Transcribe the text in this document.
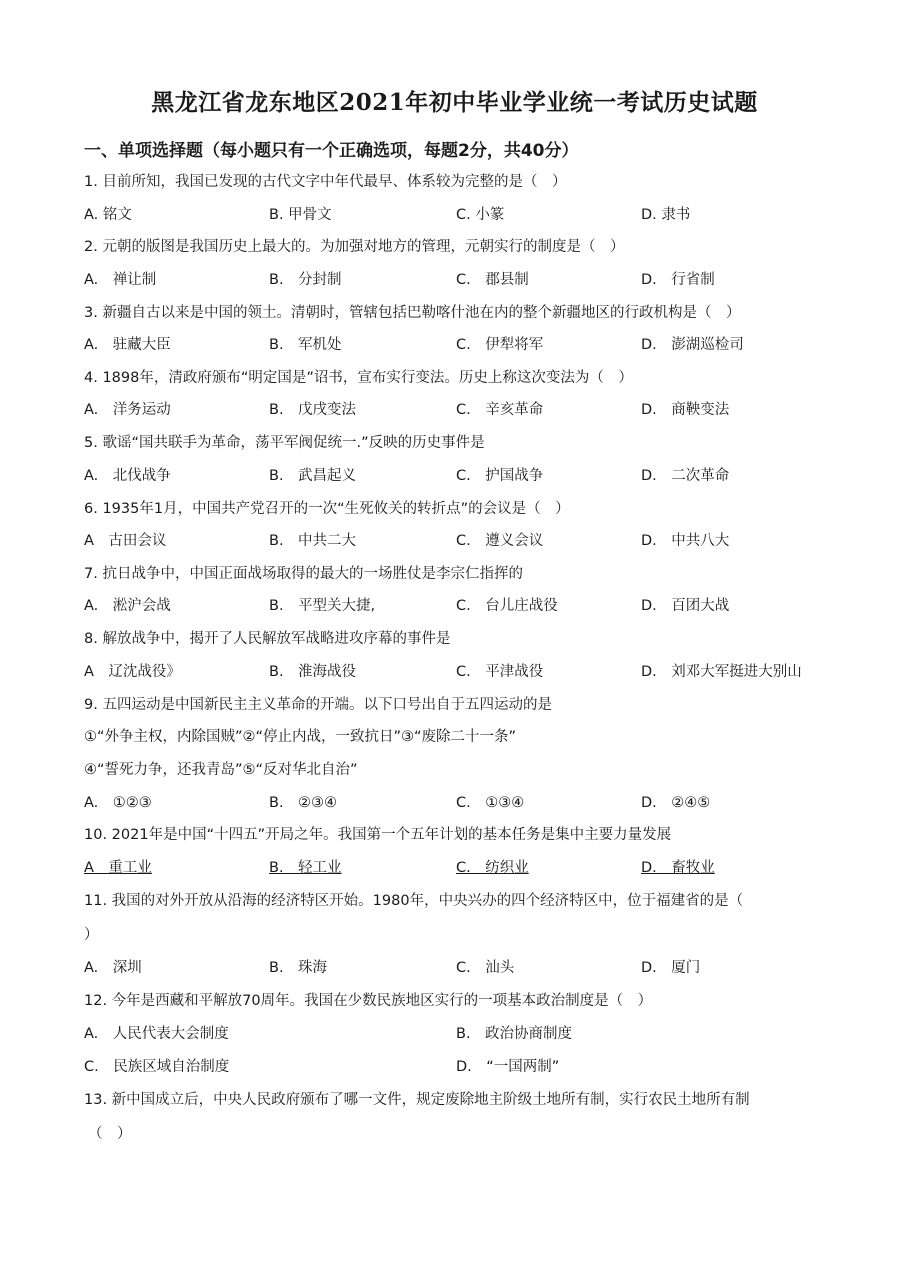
黑龙江省龙东地区2021年初中毕业学业统一考试历史试题
一、单项选择题（每小题只有一个正确选项，每题2分，共40分）
1. 目前所知，我国已发现的古代文字中年代最早、体系较为完整的是（　）
A. 铭文	B. 甲骨文	C. 小篆	D. 隶书
2. 元朝的版图是我国历史上最大的。为加强对地方的管理，元朝实行的制度是（　）
A.　禅让制	B.　分封制	C.　郡县制	D.　行省制
3. 新疆自古以来是中国的领土。清朝时，管辖包括巴勒喀什池在内的整个新疆地区的行政机构是（　）
A.　驻藏大臣	B.　军机处	C.　伊犁将军	D.　澎湖巡检司
4. 1898年，清政府颁布“明定国是”诏书，宣布实行变法。历史上称这次变法为（　）
A.　洋务运动	B.　戊戌变法	C.　辛亥革命	D.　商鞅变法
5. 歌谣“国共联手为革命，荡平军阀促统一.”反映的历史事件是
A.　北伐战争	B.　武昌起义	C.　护国战争	D.　二次革命
6. 1935年1月，中国共产党召开的一次“生死攸关的转折点”的会议是（　）
A　古田会议	B.　中共二大	C.　遵义会议	D.　中共八大
7. 抗日战争中，中国正面战场取得的最大的一场胜仗是李宗仁指挥的
A.　淞沪会战	B.　平型关大捷,	C.　台儿庄战役	D.　百团大战
8. 解放战争中，揭开了人民解放军战略进攻序幕的事件是
A　辽沈战役》	B.　淮海战役	C.　平津战役	D.　刘邓大军挺进大别山
9. 五四运动是中国新民主主义革命的开端。以下口号出自于五四运动的是
①“外争主权，内除国贼”②“停止内战，一致抗日”③“废除二十一条”
④“誓死力争，还我青岛”⑤“反对华北自治”
A.　①②③	B.　②③④	C.　①③④	D.　②④⑤
10. 2021年是中国“十四五”开局之年。我国第一个五年计划的基本任务是集中主要力量发展
A　重工业	B.　轻工业	C.　纺织业	D.　畜牧业
11. 我国的对外开放从沿海的经济特区开始。1980年，中央兴办的四个经济特区中，位于福建省的是（
）
A.　深圳	B.　珠海	C.　汕头	D.　厦门
12. 今年是西藏和平解放70周年。我国在少数民族地区实行的一项基本政治制度是（　）
A.　人民代表大会制度	B.　政治协商制度
C.　民族区域自治制度	D.　“一国两制”
13. 新中国成立后，中央人民政府颁布了哪一文件，规定废除地主阶级土地所有制，实行农民土地所有制
（　）
